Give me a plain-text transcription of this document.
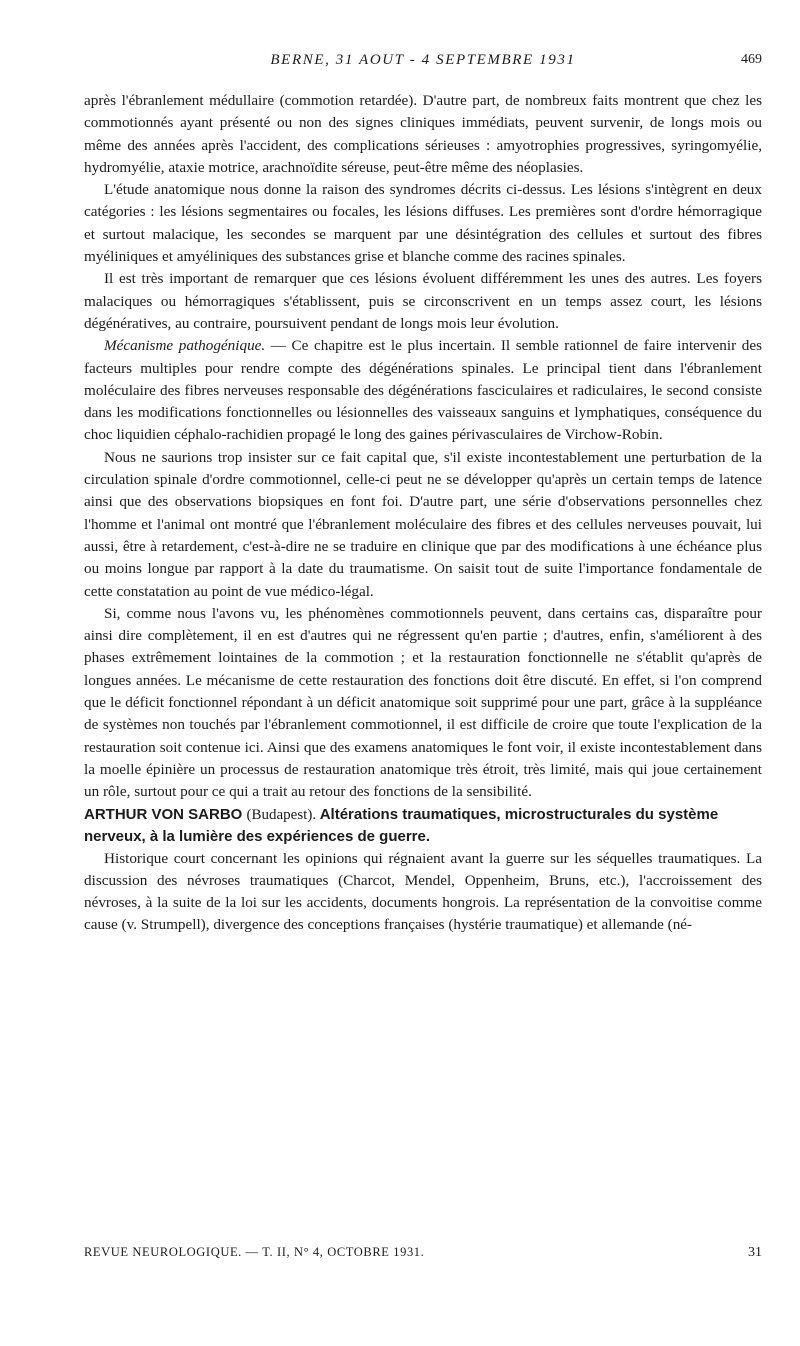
BERNE, 31 AOUT - 4 SEPTEMBRE 1931	469

après l'ébranlement médullaire (commotion retardée). D'autre part, de nombreux faits montrent que chez les commotionnés ayant présenté ou non des signes cliniques immédiats, peuvent survenir, de longs mois ou même des années après l'accident, des complications sérieuses : amyotrophies progressives, syringomyélie, hydromyélie, ataxie motrice, arachnoïdite séreuse, peut-être même des néoplasies.

L'étude anatomique nous donne la raison des syndromes décrits ci-dessus. Les lésions s'intègrent en deux catégories : les lésions segmentaires ou focales, les lésions diffuses. Les premières sont d'ordre hémorragique et surtout malacique, les secondes se marquent par une désintégration des cellules et surtout des fibres myéliniques et amyéliniques des substances grise et blanche comme des racines spinales.

Il est très important de remarquer que ces lésions évoluent différemment les unes des autres. Les foyers malaciques ou hémorragiques s'établissent, puis se circonscrivent en un temps assez court, les lésions dégénératives, au contraire, poursuivent pendant de longs mois leur évolution.

Mécanisme pathogénique. — Ce chapitre est le plus incertain. Il semble rationnel de faire intervenir des facteurs multiples pour rendre compte des dégénérations spinales. Le principal tient dans l'ébranlement moléculaire des fibres nerveuses responsable des dégénérations fasciculaires et radiculaires, le second consiste dans les modifications fonctionnelles ou lésionnelles des vaisseaux sanguins et lymphatiques, conséquence du choc liquidien céphalo-rachidien propagé le long des gaines périvasculaires de Virchow-Robin.

Nous ne saurions trop insister sur ce fait capital que, s'il existe incontestablement une perturbation de la circulation spinale d'ordre commotionnel, celle-ci peut ne se développer qu'après un certain temps de latence ainsi que des observations biopsiques en font foi. D'autre part, une série d'observations personnelles chez l'homme et l'animal ont montré que l'ébranlement moléculaire des fibres et des cellules nerveuses pouvait, lui aussi, être à retardement, c'est-à-dire ne se traduire en clinique que par des modifications à une échéance plus ou moins longue par rapport à la date du traumatisme. On saisit tout de suite l'importance fondamentale de cette constatation au point de vue médico-légal.

Si, comme nous l'avons vu, les phénomènes commotionnels peuvent, dans certains cas, disparaître pour ainsi dire complètement, il en est d'autres qui ne régressent qu'en partie ; d'autres, enfin, s'améliorent à des phases extrêmement lointaines de la commotion ; et la restauration fonctionnelle ne s'établit qu'après de longues années. Le mécanisme de cette restauration des fonctions doit être discuté. En effet, si l'on comprend que le déficit fonctionnel répondant à un déficit anatomique soit supprimé pour une part, grâce à la suppléance de systèmes non touchés par l'ébranlement commotionnel, il est difficile de croire que toute l'explication de la restauration soit contenue ici. Ainsi que des examens anatomiques le font voir, il existe incontestablement dans la moelle épinière un processus de restauration anatomique très étroit, très limité, mais qui joue certainement un rôle, surtout pour ce qui a trait au retour des fonctions de la sensibilité.

ARTHUR VON SARBO (Budapest). Altérations traumatiques, microstructurales du système nerveux, à la lumière des expériences de guerre.

Historique court concernant les opinions qui régnaient avant la guerre sur les séquelles traumatiques. La discussion des névroses traumatiques (Charcot, Mendel, Oppenheim, Bruns, etc.), l'accroissement des névroses, à la suite de la loi sur les accidents, documents hongrois. La représentation de la convoitise comme cause (v. Strumpell), divergence des conceptions françaises (hystérie traumatique) et allemande (né-

REVUE NEUROLOGIQUE. — T. II, N° 4, OCTOBRE 1931.	31
